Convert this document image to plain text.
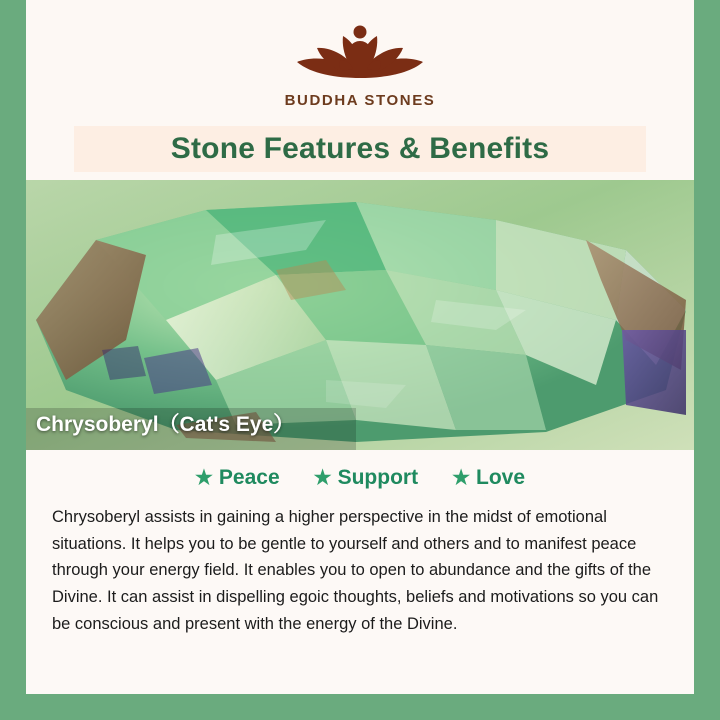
BUDDHA STONES
Stone Features & Benefits
Chrysoberyl（Cat's Eye）
★ Peace ★ Support ★ Love
Chrysoberyl assists in gaining a higher perspective in the midst of emotional situations. It helps you to be gentle to yourself and others and to manifest peace through your energy field. It enables you to open to abundance and the gifts of the Divine. It can assist in dispelling egoic thoughts, beliefs and motivations so you can be conscious and present with the energy of the Divine.
